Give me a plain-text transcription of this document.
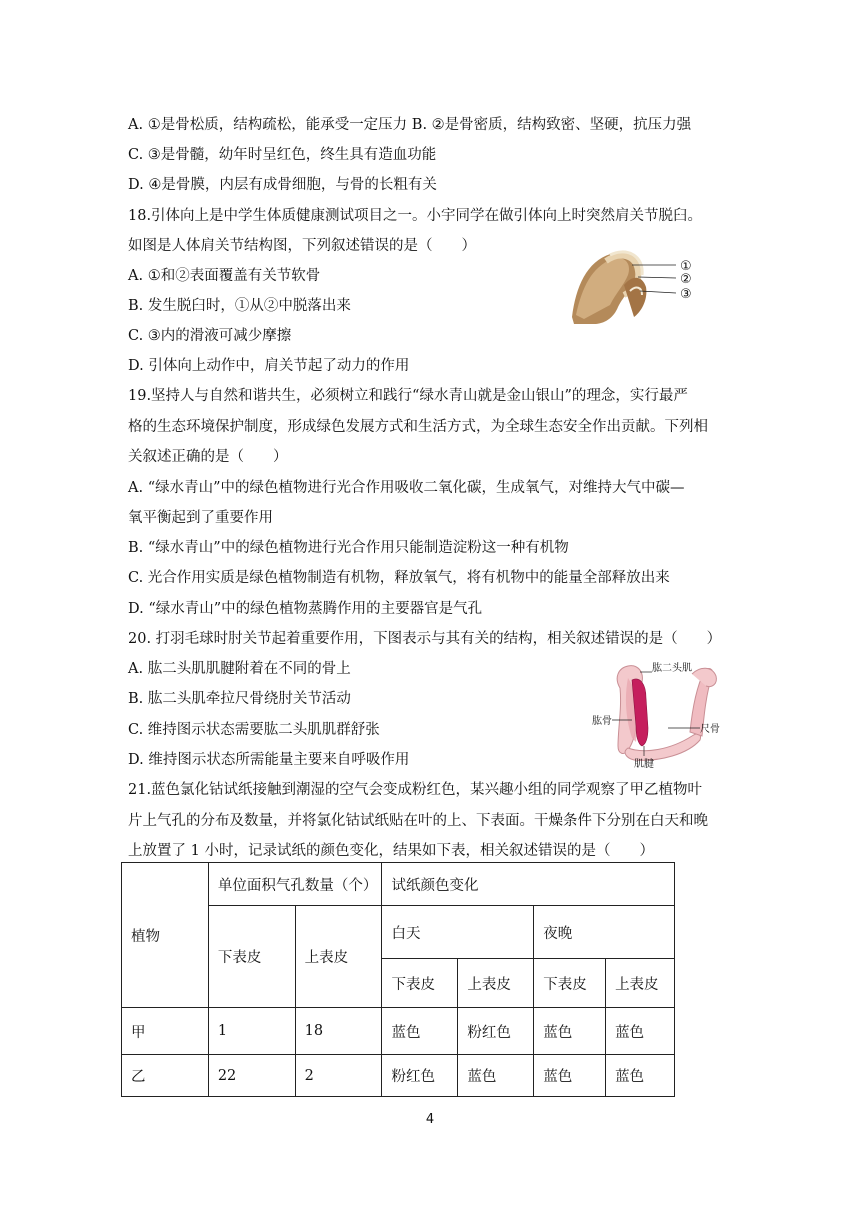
A. ①是骨松质，结构疏松，能承受一定压力 B. ②是骨密质，结构致密、坚硬，抗压力强
C. ③是骨髓，幼年时呈红色，终生具有造血功能
D. ④是骨膜，内层有成骨细胞，与骨的长粗有关
18.引体向上是中学生体质健康测试项目之一。小宇同学在做引体向上时突然肩关节脱臼。
如图是人体肩关节结构图，下列叙述错误的是（　　）
A. ①和②表面覆盖有关节软骨
B. 发生脱臼时，①从②中脱落出来
C. ③内的滑液可减少摩擦
D. 引体向上动作中，肩关节起了动力的作用
19.坚持人与自然和谐共生，必须树立和践行“绿水青山就是金山银山”的理念，实行最严
格的生态环境保护制度，形成绿色发展方式和生活方式，为全球生态安全作出贡献。下列相
关叙述正确的是（　　）
A. “绿水青山”中的绿色植物进行光合作用吸收二氧化碳，生成氧气，对维持大气中碳—
氧平衡起到了重要作用
B. “绿水青山”中的绿色植物进行光合作用只能制造淀粉这一种有机物
C. 光合作用实质是绿色植物制造有机物，释放氧气，将有机物中的能量全部释放出来
D. “绿水青山”中的绿色植物蒸腾作用的主要器官是气孔
20. 打羽毛球时肘关节起着重要作用，下图表示与其有关的结构，相关叙述错误的是（　　）
A. 肱二头肌肌腱附着在不同的骨上
B. 肱二头肌牵拉尺骨绕肘关节活动
C. 维持图示状态需要肱二头肌肌群舒张
D. 维持图示状态所需能量主要来自呼吸作用
21.蓝色氯化钴试纸接触到潮湿的空气会变成粉红色，某兴趣小组的同学观察了甲乙植物叶
片上气孔的分布及数量，并将氯化钴试纸贴在叶的上、下表面。干燥条件下分别在白天和晚
上放置了 1 小时，记录试纸的颜色变化，结果如下表，相关叙述错误的是（　　）
①
②
③
肱二头肌
肱骨
尺骨
肌腱
植物	单位面积气孔数量（个）		试纸颜色变化			
	下表皮	上表皮	白天		夜晚	
			下表皮	上表皮	下表皮	上表皮
甲	1	18	蓝色	粉红色	蓝色	蓝色
乙	22	2	粉红色	蓝色	蓝色	蓝色
4
